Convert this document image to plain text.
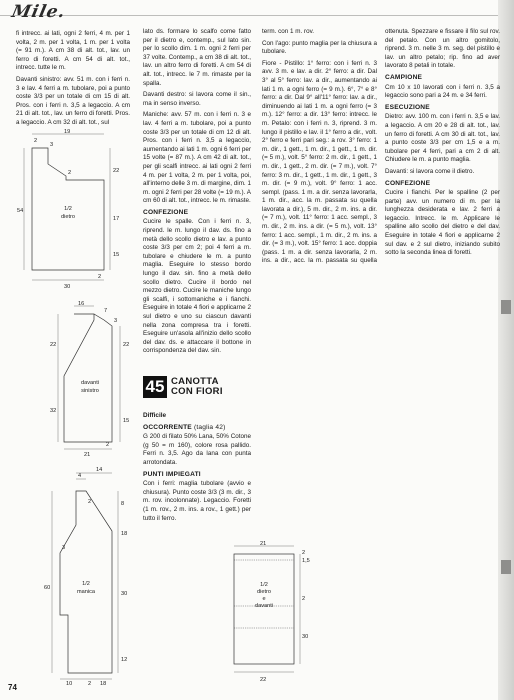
Mile.

fi intrecc. ai lati, ogni 2 ferri, 4 m. per 1 volta, 2 m. per 1 volta, 1 m. per 1 volta (= 91 m.). A cm 38 di alt. tot., lav. un ferro di foretti. A cm 54 di alt. tot., intrecc. tutte le m.

Davanti sinistro: avv. 51 m. con i ferri n. 3 e lav. 4 ferri a m. tubolare, poi a punto coste 3/3 per un totale di cm 15 di alt. Pros. con i ferri n. 3,5 a legaccio. A cm 21 di alt. tot., lav. un ferro di foretti. Pros. a legaccio. A cm 32 di alt. tot., sul

lato ds. formare lo scalfo come fatto per il dietro e, contemp., sul lato sin. per lo scollo dim. 1 m. ogni 2 ferri per 37 volte. Contemp., a cm 38 di alt. tot., lav. un altro ferro di foretti. A cm 54 di alt. tot., intrecc. le 7 m. rimaste per la spalla.

Davanti destro: si lavora come il sin., ma in senso inverso.

Maniche: avv. 57 m. con i ferri n. 3 e lav. 4 ferri a m. tubolare, poi a punto coste 3/3 per un totale di cm 12 di alt. Pros. con i ferri n. 3,5 a legaccio, aumentando ai lati 1 m. ogni 6 ferri per 15 volte (= 87 m.). A cm 42 di alt. tot., per gli scalfi intrecc. ai lati ogni 2 ferri 4 m. per 1 volta, 2 m. per 1 volta, poi, all'interno delle 3 m. di margine, dim. 1 m. ogni 2 ferri per 28 volte (= 19 m.). A cm 60 di alt. tot., intrecc. le m. rimaste.

CONFEZIONE

Cucire le spalle. Con i ferri n. 3, riprend. le m. lungo il dav. ds. fino a metà dello scollo dietro e lav. a punto coste 3/3 per cm 2; poi 4 ferri a m. tubolare e chiudere le m. a punto maglia. Eseguire lo stesso bordo lungo il dav. sin. fino a metà dello scollo dietro. Cucire il bordo nel mezzo dietro. Cucire le maniche lungo gli scalfi, i sottomaniche e i fianchi. Eseguire in totale 4 fiori e applicarne 2 sul dietro e uno su ciascun davanti nella zona compresa tra i foretti. Eseguire un'asola all'inizio dello scollo del dav. ds. e attaccare il bottone in corrispondenza del dav. sin.

45 CANOTTA
CON FIORI
Difficile
OCCORRENTE (taglia 42)

G 200 di filato 50% Lana, 50% Cotone (g 50 = m 160), colore rosa pallido. Ferri n. 3,5. Ago da lana con punta arrotondata.

PUNTI IMPIEGATI

Con i ferri: maglia tubolare (avvio e chiusura). Punto coste 3/3 (3 m. dir., 3 m. rov. incolonnate). Legaccio. Foretti (1 m. rov., 2 m. ins. a rov., 1 gett.) per tutto il ferro.

term. con 1 m. rov.

Con l'ago: punto maglia per la chiusura a tubolare.

Fiore - Pistillo: 1° ferro: con i ferri n. 3 avv. 3 m. e lav. a dir. 2° ferro: a dir. Dal 3° al 5° ferro: lav. a dir., aumentando ai lati 1 m. a ogni ferro (= 9 m.). 6°, 7° e 8° ferro: a dir. Dal 9° all'11° ferro: lav. a dir., diminuendo ai lati 1 m. a ogni ferro (= 3 m.). 12° ferro: a dir. 13° ferro: intrecc. le m. Petalo: con i ferri n. 3, riprend. 3 m. lungo il pistillo e lav. il 1° ferro a dir., volt. 2° ferro e ferri pari seg.: a rov. 3° ferro: 1 m. dir., 1 gett., 1 m. dir., 1 gett., 1 m. dir. (= 5 m.), volt. 5° ferro: 2 m. dir., 1 gett., 1 m. dir., 1 gett., 2 m. dir. (= 7 m.), volt. 7° ferro: 3 m. dir., 1 gett., 1 m. dir., 1 gett., 3 m. dir. (= 9 m.), volt. 9° ferro: 1 acc. sempl. (pass. 1 m. a dir. senza lavorarla, 1 m. dir., acc. la m. passata su quella lavorata a dir.), 5 m. dir., 2 m. ins. a dir. (= 7 m.), volt. 11° ferro: 1 acc. sempl., 3 m. dir., 2 m. ins. a dir. (= 5 m.), volt. 13° ferro: 1 acc. sempl., 1 m. dir., 2 m. ins. a dir. (= 3 m.), volt. 15° ferro: 1 acc. doppia (pass. 1 m. a dir. senza lavorarla, 2 m. ins. a dir., acc. la m. passata su quella ottenuta. Spezzare e fissare il filo sul rov. del petalo. Con un altro gomitolo, riprend. 3 m. nelle 3 m. seg. del pistillo e lav. un altro petalo; rip. fino ad aver lavorato 8 petali in totale.

CAMPIONE

Cm 10 x 10 lavorati con i ferri n. 3,5 a legaccio sono pari a 24 m. e 34 ferri.

ESECUZIONE

Dietro: avv. 100 m. con i ferri n. 3,5 e lav. a legaccio. A cm 20 e 28 di alt. tot., lav. un ferro di foretti. A cm 30 di alt. tot., lav. a punto coste 3/3 per cm 1,5 e a m. tubolare per 4 ferri, pari a cm 2 di alt. Chiudere le m. a punto maglia.

Davanti: si lavora come il dietro.

CONFEZIONE

Cucire i fianchi. Per le spalline (2 per parte) avv. un numero di m. per la lunghezza desiderata e lav. 2 ferri a legaccio. Intrecc. le m. Applicare le spalline allo scollo del dietro e del dav. Eseguire in totale 4 fiori e applicarne 2 sul dav. e 2 sul dietro, iniziando subito sotto la seconda linea di foretti.

19
3
2
2
54
22
17
15
30
2
1/2
dietro
16
7
22	22
32
2
3
15
21
davanti
sinistro
4
14
18
60
30
12
10	2 18
2
3
8
1/2
manica
21
2
1,5
2
30
22
1/2
dietro
e
davanti
74
